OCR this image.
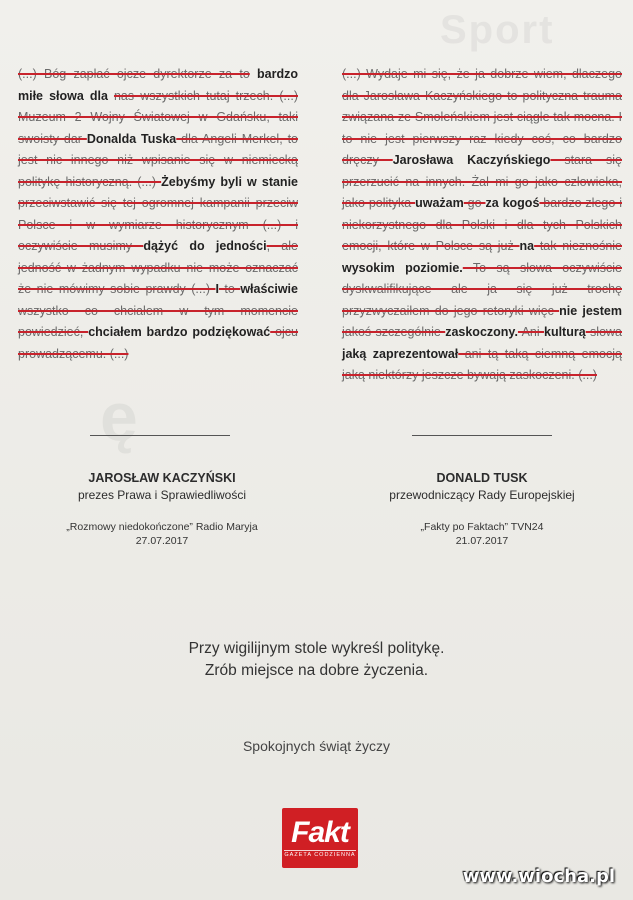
Sport
ę

(...) Bóg zapłać ojcze dyrektorze za to bardzo miłe słowa dla nas wszystkich tutaj trzech. (...) Muzeum 2 Wojny Światowej w Gdańsku, taki swoisty dar Donalda Tuska dla Angeli Merkel, to jest nic innego niż wpisanie się w niemiecką politykę historyczną. (...) Żebyśmy byli w stanie przeciwstawić się tej ogromnej kampanii przeciw Polsce i w wymiarze historycznym (...) i oczywiście musimy dążyć do jedności, ale jedność w żadnym wypadku nie może oznaczać że nie mówimy sobie prawdy (...) I to właściwie wszystko co chciałem w tym momencie powiedzieć, chciałem bardzo podziękować ojcu prowadzącemu. (...)

(...) Wydaje mi się, że ja dobrze wiem, dlaczego dla Jarosława Kaczyńskiego to polityczna trauma związana ze Smoleńskiem jest ciągle tak mocna. I to nie jest pierwszy raz kiedy coś, co bardzo dręczy Jarosława Kaczyńskiego stara się przerzucić na innych. Żal mi go jako człowieka, jako polityka uważam go za kogoś bardzo złego i niekorzystnego dla Polski i dla tych Polskich emocji, które w Polsce są już na tak nieznośnie wysokim poziomie. To są słowa oczywiście dyskwalifikujące ale ja się już trochę przyzwyczaiłem do jego retoryki więc nie jestem jakoś szczególnie zaskoczony. Ani kulturą słowa jaką zaprezentował ani tą taką ciemną emocją jaką niektórzy jeszcze bywają zaskoczeni. (...)

JAROSŁAW KACZYŃSKI
prezes Prawa i Sprawiedliwości
„Rozmowy niedokończone” Radio Maryja
27.07.2017
DONALD TUSK
przewodniczący Rady Europejskiej
„Fakty po Faktach” TVN24
21.07.2017
Przy wigilijnym stole wykreśl politykę.
Zrób miejsce na dobre życzenia.
Spokojnych świąt życzy
Fakt
GAZETA CODZIENNA
www.wiocha.pl
